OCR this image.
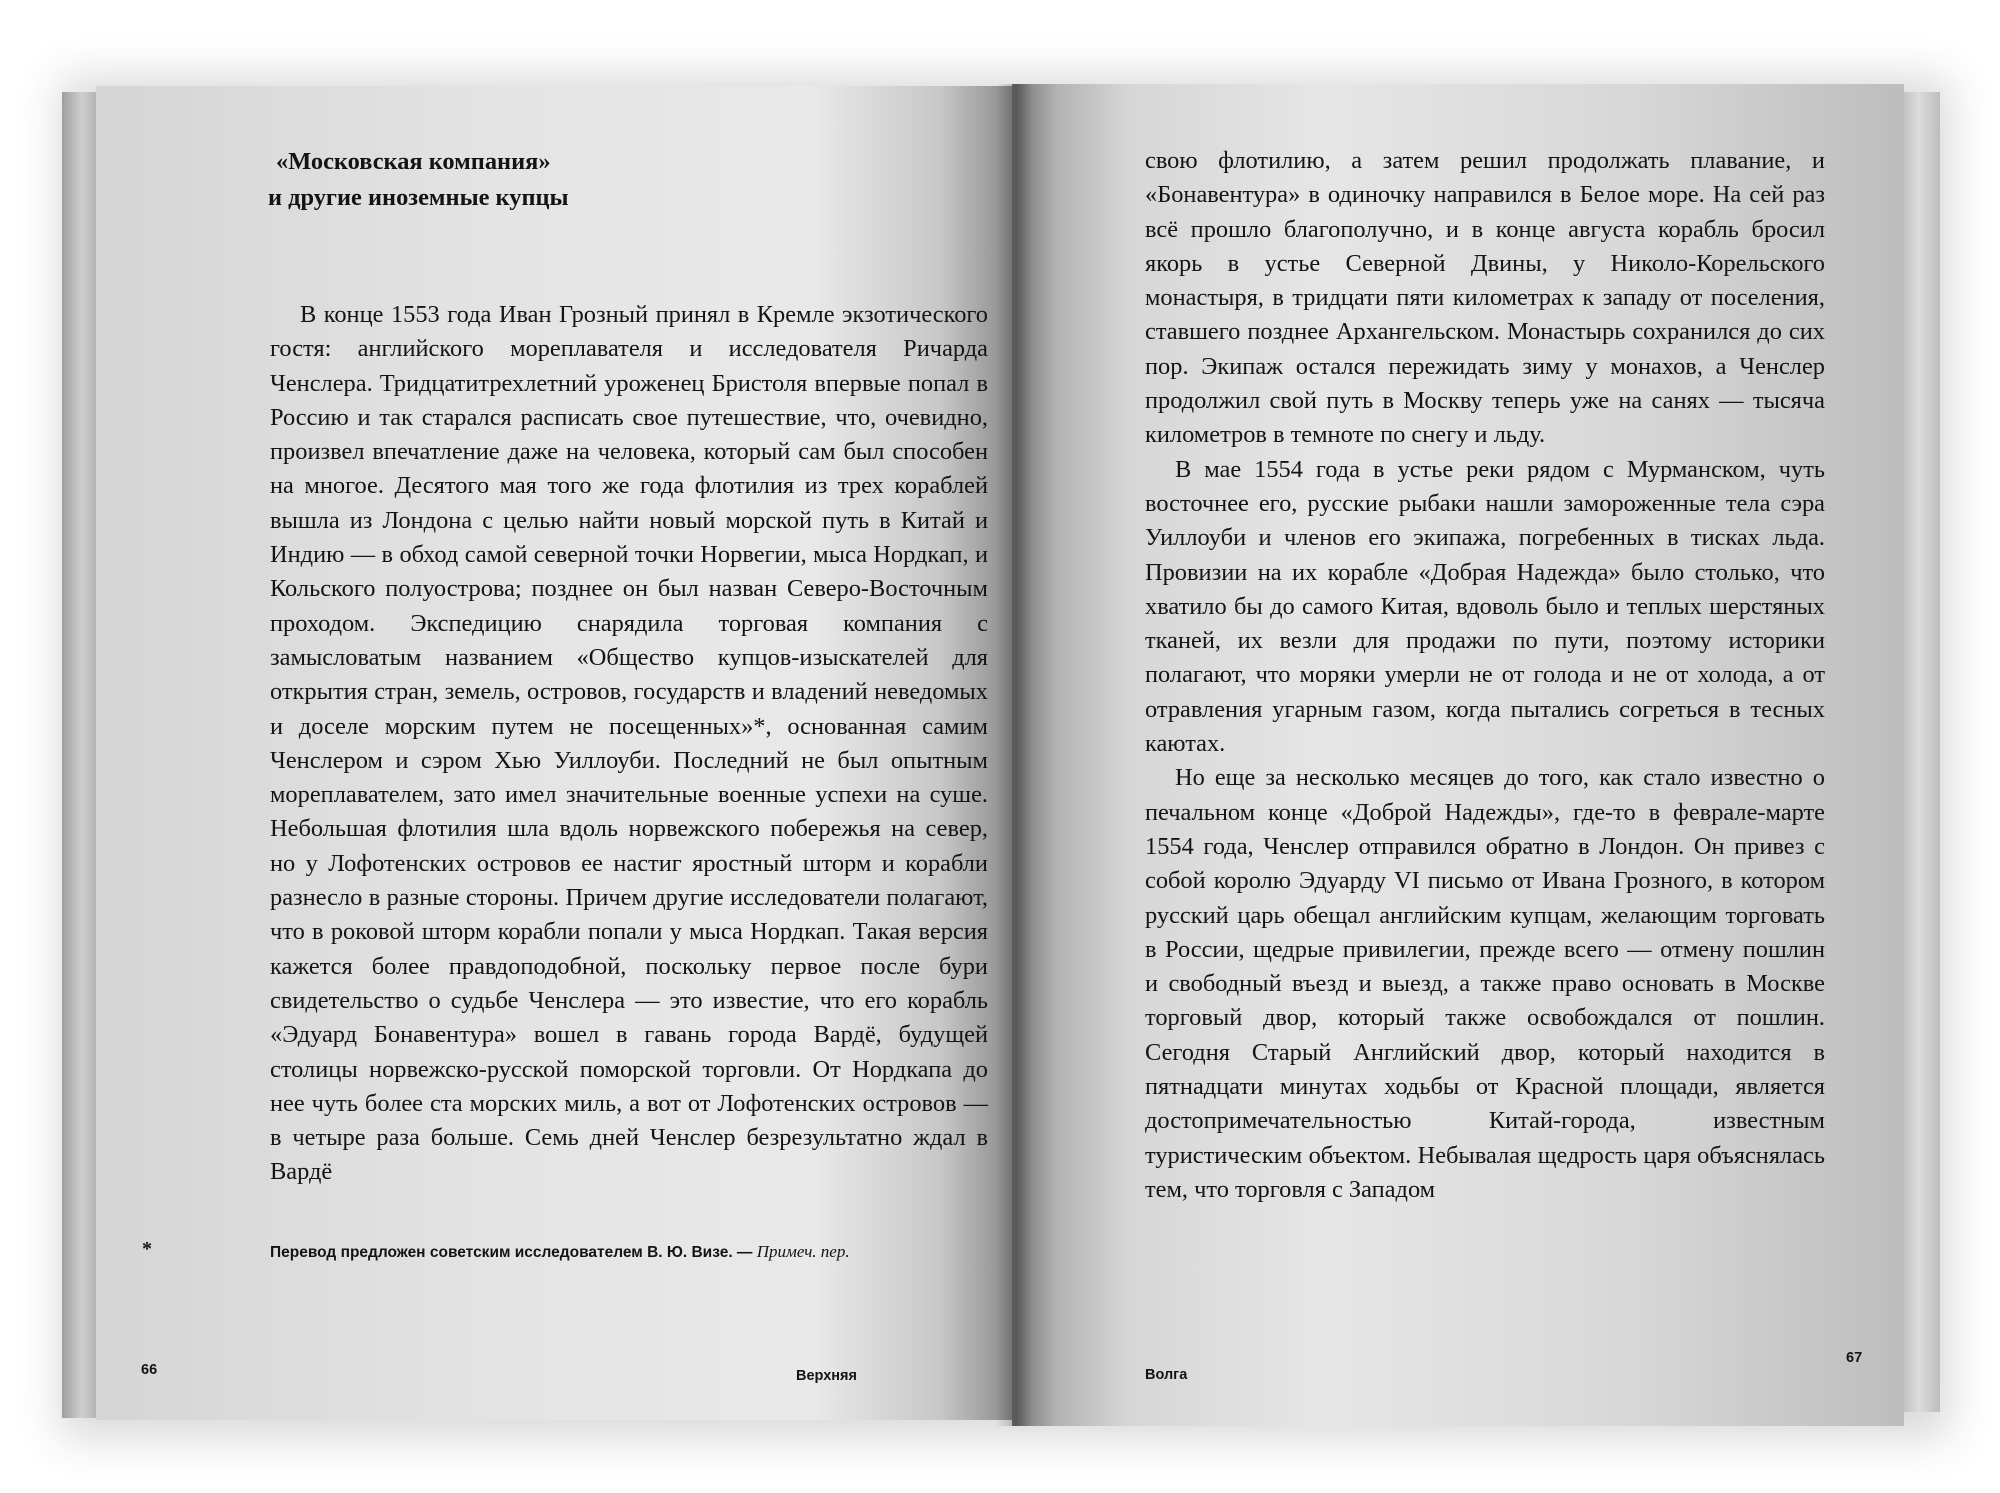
«Московская компания»
и другие иноземные купцы

В конце 1553 года Иван Грозный принял в Кремле экзотического гостя: английского мореплавателя и исследователя Ричарда Ченслера. Тридцатитрехлетний уроженец Бристоля впервые попал в Россию и так старался расписать свое путешествие, что, очевидно, произвел впечатление даже на человека, который сам был способен на многое. Десятого мая того же года флотилия из трех кораблей вышла из Лондона с целью найти новый морской путь в Китай и Индию — в обход самой северной точки Норвегии, мыса Нордкап, и Кольского полуострова; позднее он был назван Северо-Восточным проходом. Экспедицию снарядила торговая компания с замысловатым названием «Общество купцов-изыскателей для открытия стран, земель, островов, государств и владений неведомых и доселе морским путем не посещенных»*, основанная самим Ченслером и сэром Хью Уиллоуби. Последний не был опытным мореплавателем, зато имел значительные военные успехи на суше. Небольшая флотилия шла вдоль норвежского побережья на север, но у Лофотенских островов ее настиг яростный шторм и корабли разнесло в разные стороны. Причем другие исследователи полагают, что в роковой шторм корабли попали у мыса Нордкап. Такая версия кажется более правдоподобной, поскольку первое после бури свидетельство о судьбе Ченслера — это известие, что его корабль «Эдуард Бонавентура» вошел в гавань города Вардё, будущей столицы норвежско-русской поморской торговли. От Нордкапа до нее чуть более ста морских миль, а вот от Лофотенских островов — в четыре раза больше. Семь дней Ченслер безрезультатно ждал в Вардё

*	Перевод предложен советским исследователем В. Ю. Визе. — Примеч. пер.
66	Верхняя

свою флотилию, а затем решил продолжать плавание, и «Бонавентура» в одиночку направился в Белое море. На сей раз всё прошло благополучно, и в конце августа корабль бросил якорь в устье Северной Двины, у Николо-Корельского монастыря, в тридцати пяти километрах к западу от поселения, ставшего позднее Архангельском. Монастырь сохранился до сих пор. Экипаж остался пережидать зиму у монахов, а Ченслер продолжил свой путь в Москву теперь уже на санях — тысяча километров в темноте по снегу и льду.

В мае 1554 года в устье реки рядом с Мурманском, чуть восточнее его, русские рыбаки нашли замороженные тела сэра Уиллоуби и членов его экипажа, погребенных в тисках льда. Провизии на их корабле «Добрая Надежда» было столько, что хватило бы до самого Китая, вдоволь было и теплых шерстяных тканей, их везли для продажи по пути, поэтому историки полагают, что моряки умерли не от голода и не от холода, а от отравления угарным газом, когда пытались согреться в тесных каютах.

Но еще за несколько месяцев до того, как стало известно о печальном конце «Доброй Надежды», где-то в феврале-марте 1554 года, Ченслер отправился обратно в Лондон. Он привез с собой королю Эдуарду VI письмо от Ивана Грозного, в котором русский царь обещал английским купцам, желающим торговать в России, щедрые привилегии, прежде всего — отмену пошлин и свободный въезд и выезд, а также право основать в Москве торговый двор, который также освобождался от пошлин. Сегодня Старый Английский двор, который находится в пятнадцати минутах ходьбы от Красной площади, является достопримечательностью Китай-города, известным туристическим объектом. Небывалая щедрость царя объяснялась тем, что торговля с Западом

Волга
67
